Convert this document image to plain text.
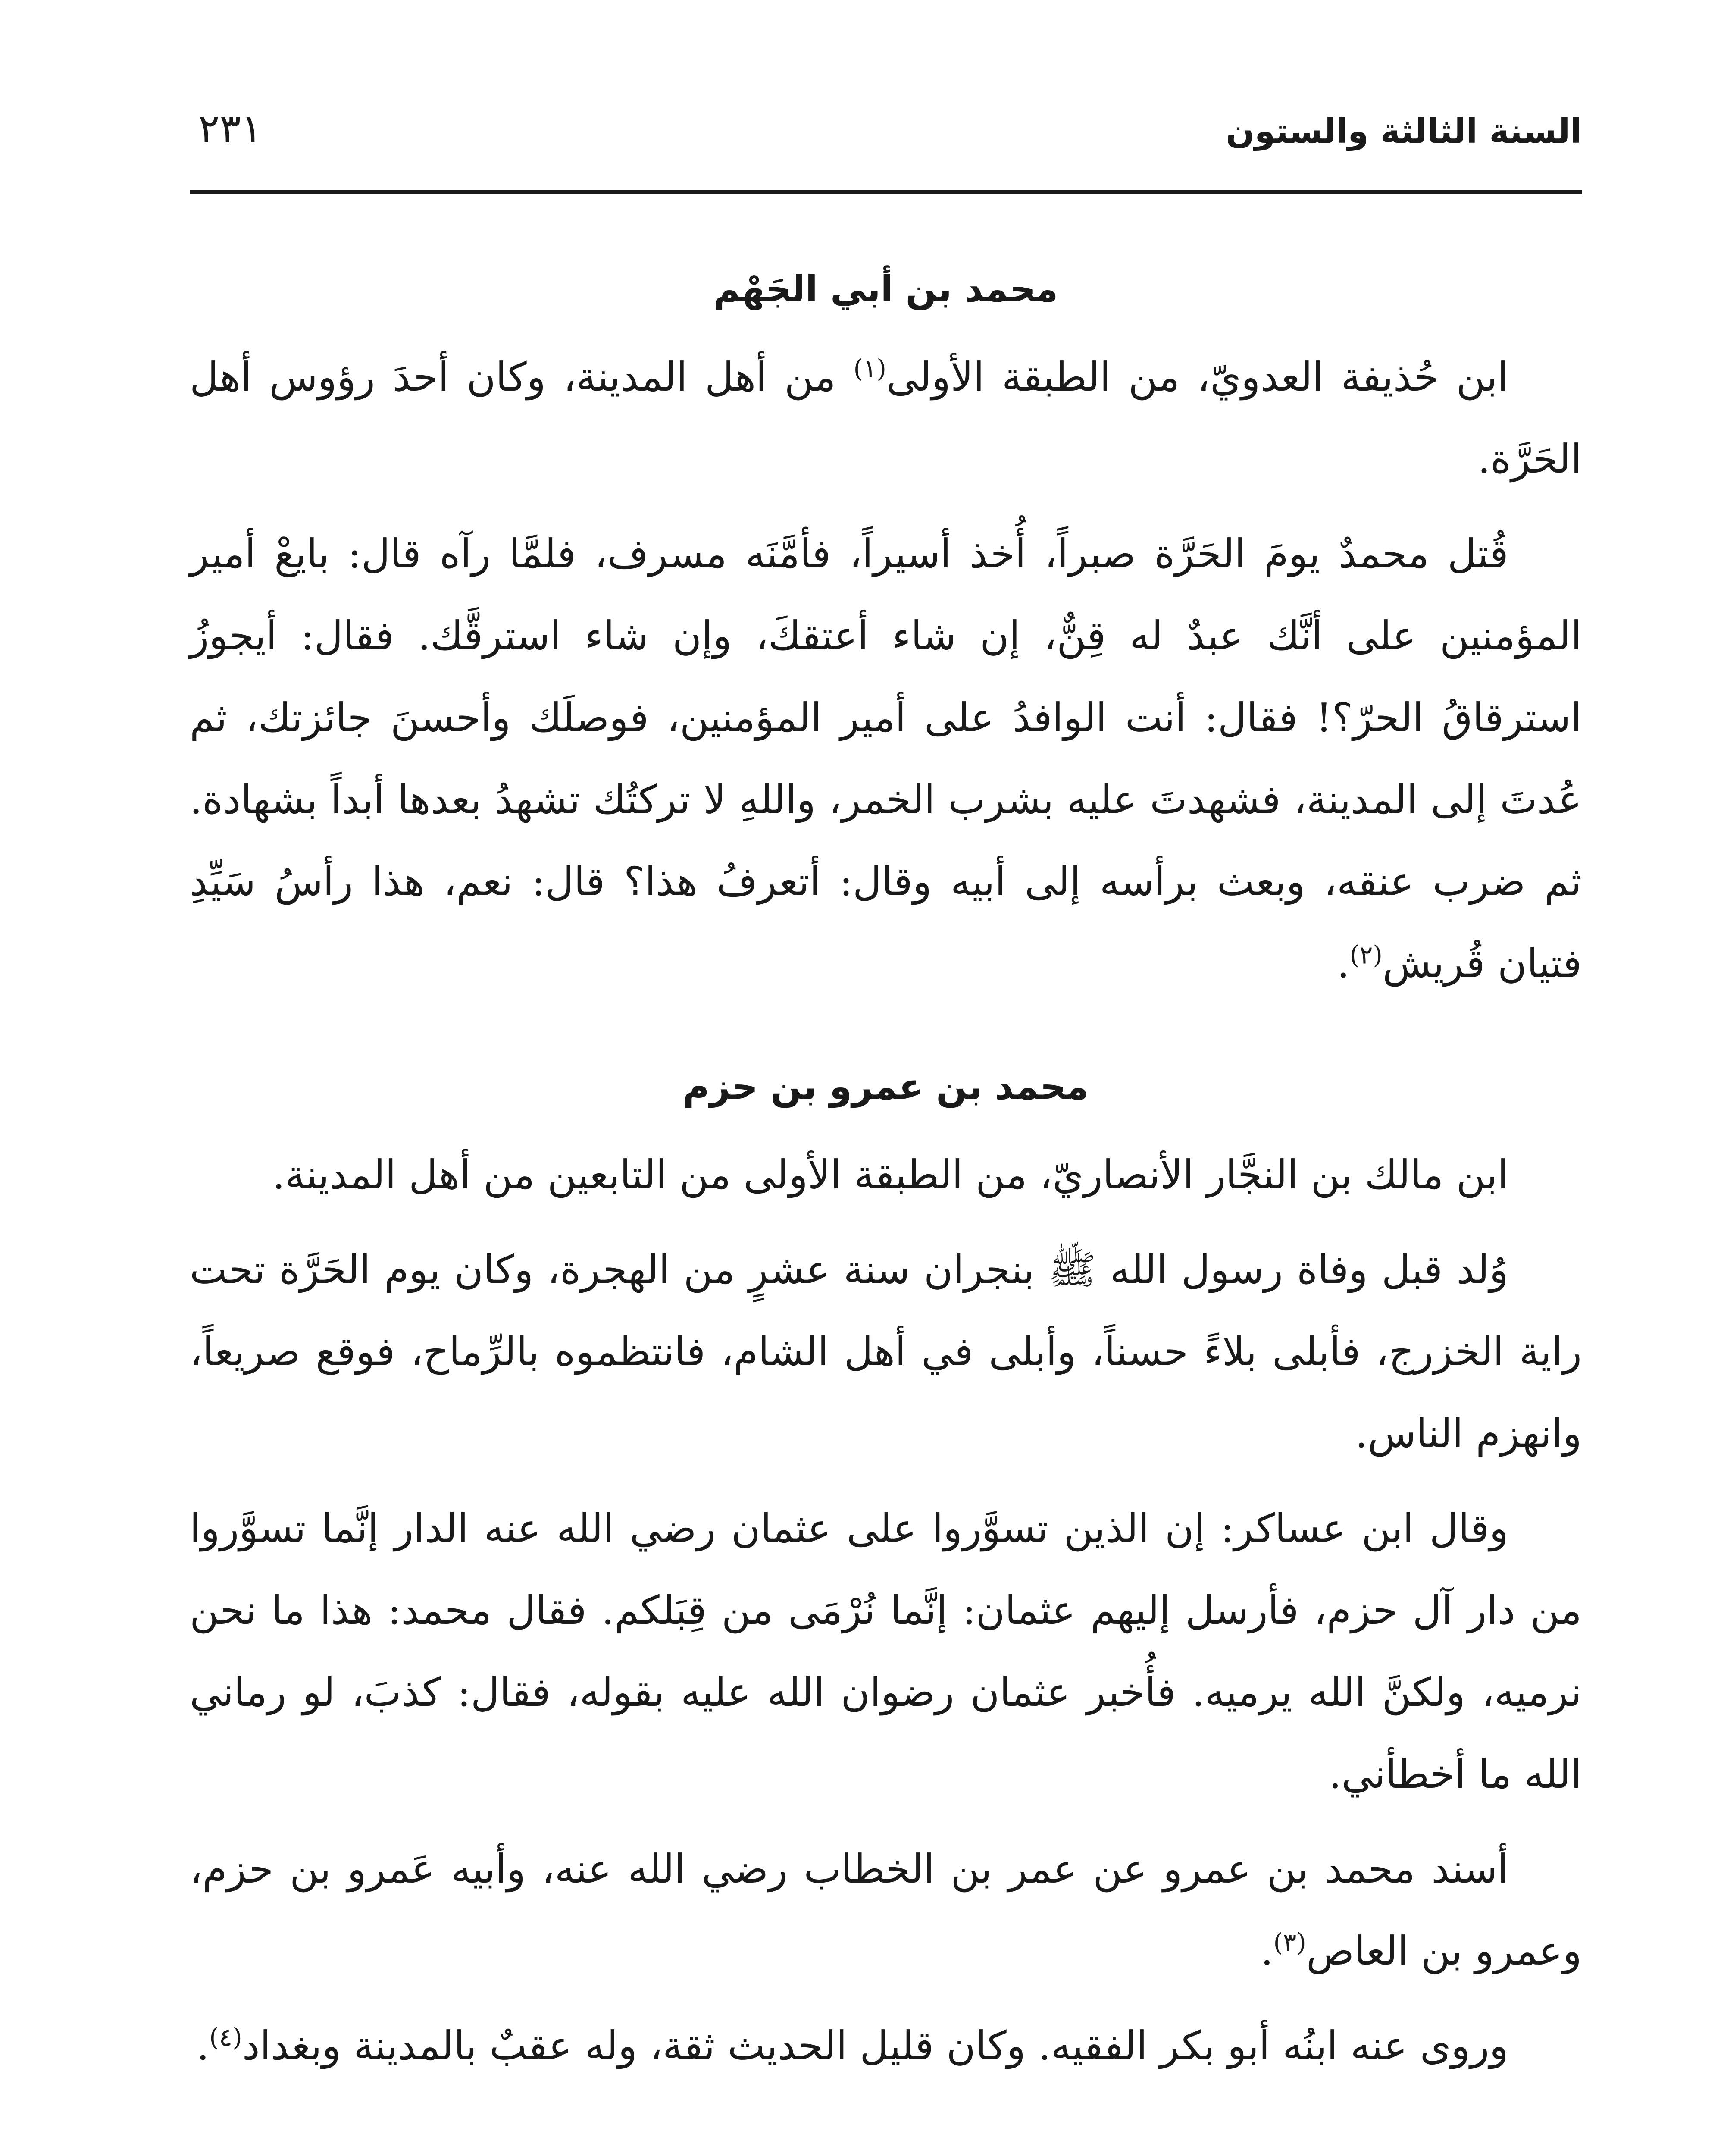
السنة الثالثة والستون
٢٣١
محمد بن أبي الجَهْم

ابن حُذيفة العدويّ، من الطبقة الأولى$^{(١)}$ من أهل المدينة، وكان أحدَ رؤوس أهل الحَرَّة.

قُتل محمدٌ يومَ الحَرَّة صبراً، أُخذ أسيراً، فأمَّنَه مسرف، فلمَّا رآه قال: بايعْ أمير المؤمنين على أنَّك عبدٌ له قِنٌّ، إن شاء أعتقكَ، وإن شاء استرقَّك. فقال: أيجوزُ استرقاقُ الحرّ؟! فقال: أنت الوافدُ على أمير المؤمنين، فوصلَك وأحسنَ جائزتك، ثم عُدتَ إلى المدينة، فشهدتَ عليه بشرب الخمر، واللهِ لا تركتُك تشهدُ بعدها أبداً بشهادة. ثم ضرب عنقه، وبعث برأسه إلى أبيه وقال: أتعرفُ هذا؟ قال: نعم، هذا رأسُ سَيِّدِ فتيان قُريش$^{(٢)}$.

محمد بن عمرو بن حزم

ابن مالك بن النجَّار الأنصاريّ، من الطبقة الأولى من التابعين من أهل المدينة.

وُلد قبل وفاة رسول الله ﷺ بنجران سنة عشرٍ من الهجرة، وكان يوم الحَرَّة تحت راية الخزرج، فأبلى بلاءً حسناً، وأبلى في أهل الشام، فانتظموه بالرِّماح، فوقع صريعاً، وانهزم الناس.

وقال ابن عساكر: إن الذين تسوَّروا على عثمان رضي الله عنه الدار إنَّما تسوَّروا من دار آل حزم، فأرسل إليهم عثمان: إنَّما نُرْمَى من قِبَلكم. فقال محمد: هذا ما نحن نرميه، ولكنَّ الله يرميه. فأُخبر عثمان رضوان الله عليه بقوله، فقال: كذبَ، لو رماني الله ما أخطأني.

أسند محمد بن عمرو عن عمر بن الخطاب رضي الله عنه، وأبيه عَمرو بن حزم، وعمرو بن العاص$^{(٣)}$.

وروى عنه ابنُه أبو بكر الفقيه. وكان قليل الحديث ثقة، وله عقبٌ بالمدينة وبغداد$^{(٤)}$.
